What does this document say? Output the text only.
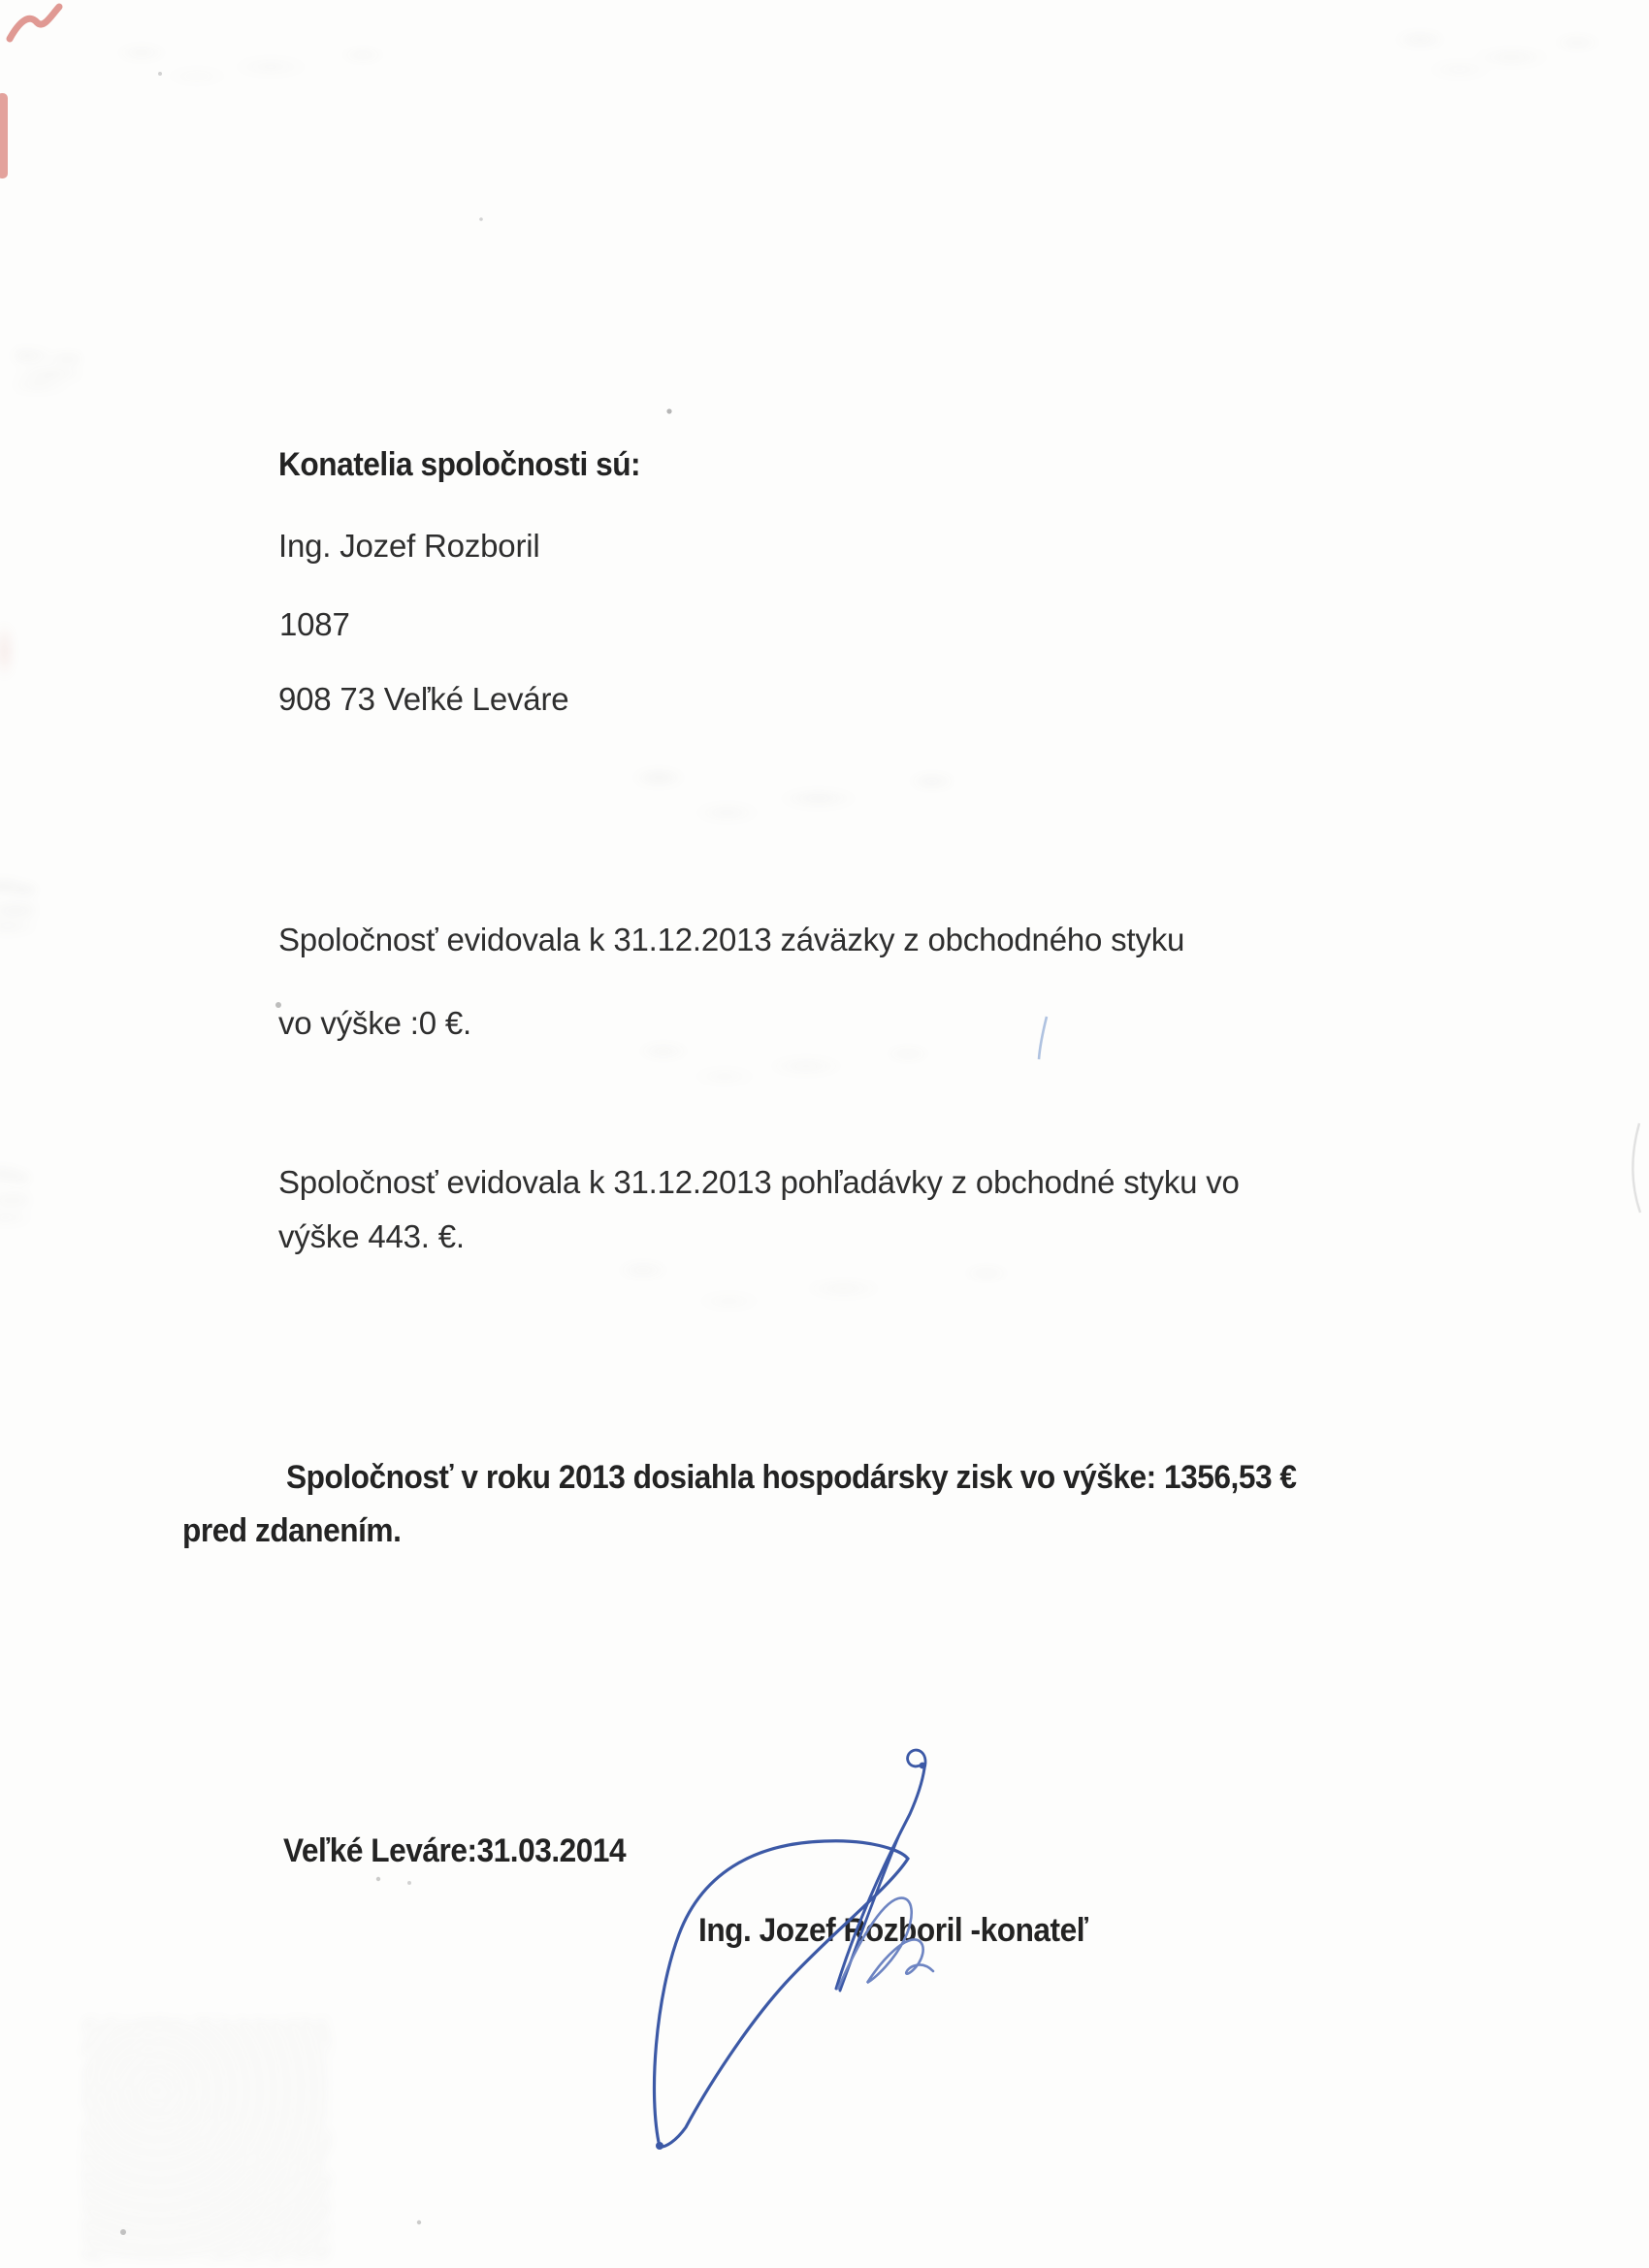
Konatelia spoločnosti sú:
Ing. Jozef Rozboril
1087
908 73 Veľké Leváre
Spoločnosť evidovala k 31.12.2013 záväzky z obchodného styku
vo výške :0 €.
Spoločnosť evidovala k 31.12.2013 pohľadávky z obchodné styku vo
výške 443. €.
Spoločnosť v roku 2013 dosiahla hospodársky zisk vo výške: 1356,53 €
pred zdanením.
Veľké Leváre:31.03.2014
Ing. Jozef Rozboril -konateľ
